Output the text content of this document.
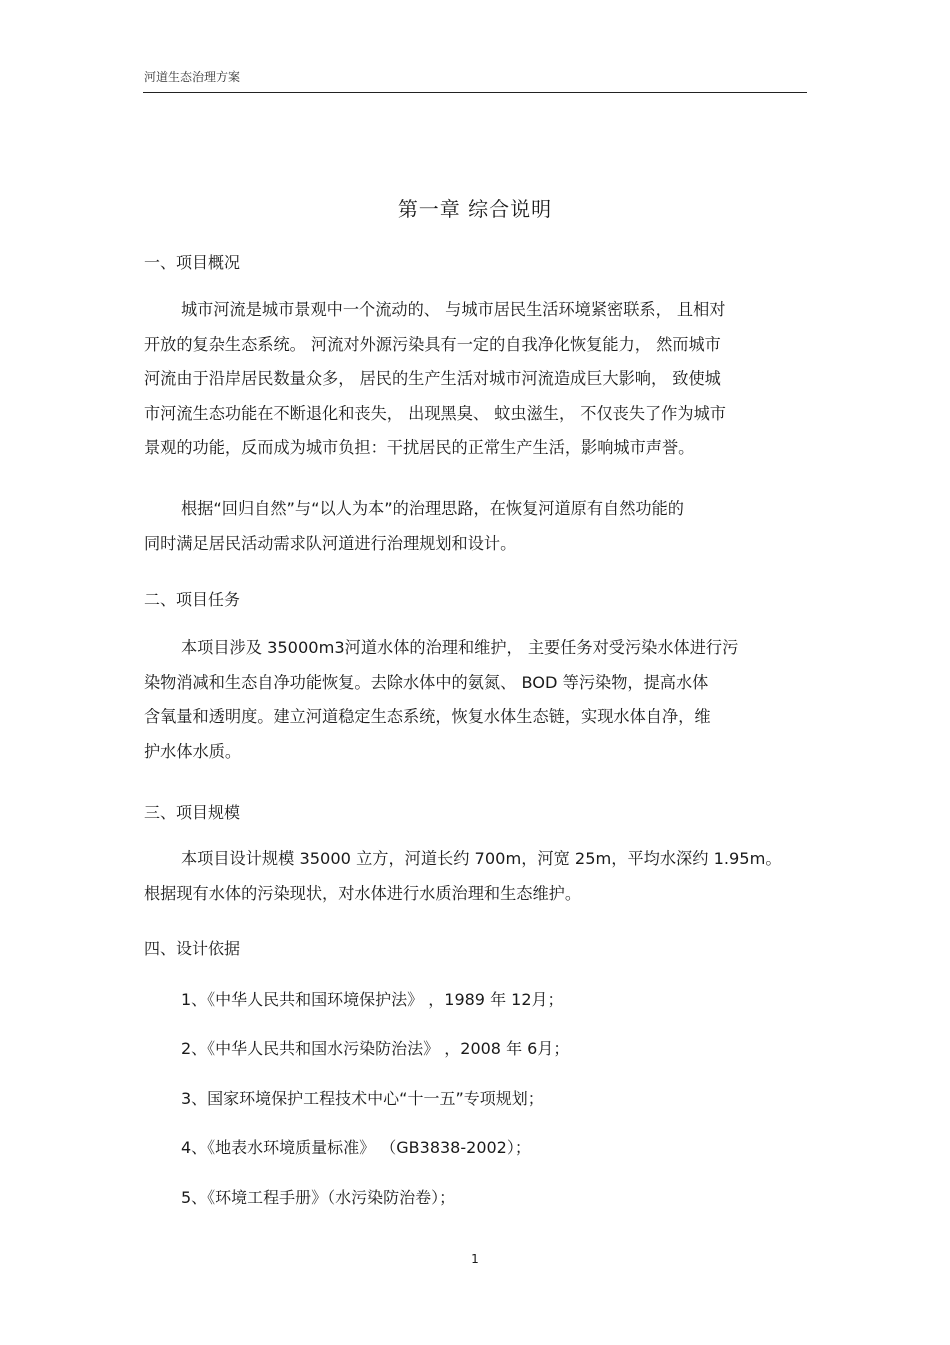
河道生态治理方案
第一章 综合说明
一、项目概况

城市河流是城市景观中一个流动的、 与城市居民生活环境紧密联系， 且相对
开放的复杂生态系统。 河流对外源污染具有一定的自我净化恢复能力， 然而城市
河流由于沿岸居民数量众多， 居民的生产生活对城市河流造成巨大影响， 致使城
市河流生态功能在不断退化和丧失， 出现黑臭、 蚊虫滋生， 不仅丧失了作为城市
景观的功能，反而成为城市负担：干扰居民的正常生产生活，影响城市声誉。

根据“回归自然”与“以人为本”的治理思路，在恢复河道原有自然功能的
同时满足居民活动需求队河道进行治理规划和设计。

二、项目任务

本项目涉及 35000m3河道水体的治理和维护， 主要任务对受污染水体进行污
染物消减和生态自净功能恢复。去除水体中的氨氮、 BOD 等污染物，提高水体
含氧量和透明度。建立河道稳定生态系统，恢复水体生态链，实现水体自净，维
护水体水质。

三、项目规模

本项目设计规模 35000 立方，河道长约 700m，河宽 25m，平均水深约 1.95m。
根据现有水体的污染现状，对水体进行水质治理和生态维护。

四、设计依据
1、《中华人民共和国环境保护法》 ，1989 年 12月；
2、《中华人民共和国水污染防治法》 ，2008 年 6月；
3、国家环境保护工程技术中心“十一五”专项规划；
4、《地表水环境质量标准》 （GB3838-2002）；
5、《环境工程手册》（水污染防治卷）；
1
